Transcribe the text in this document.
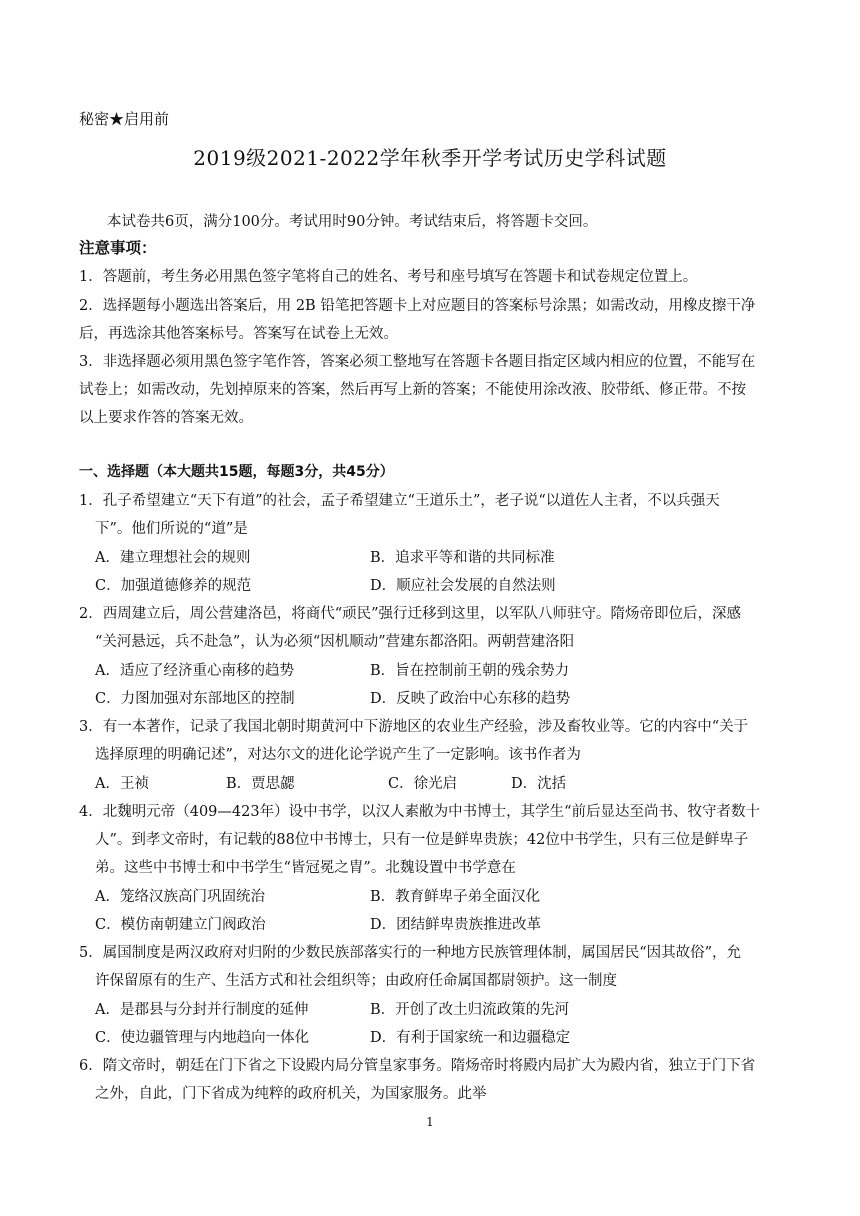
秘密★启用前
2019级2021-2022学年秋季开学考试历史学科试题
本试卷共6页，满分100分。考试用时90分钟。考试结束后，将答题卡交回。
注意事项：
1．答题前，考生务必用黑色签字笔将自己的姓名、考号和座号填写在答题卡和试卷规定位置上。
2．选择题每小题选出答案后，用 2B 铅笔把答题卡上对应题目的答案标号涂黑；如需改动，用橡皮擦干净
后，再选涂其他答案标号。答案写在试卷上无效。
3．非选择题必须用黑色签字笔作答，答案必须工整地写在答题卡各题目指定区域内相应的位置，不能写在
试卷上；如需改动，先划掉原来的答案，然后再写上新的答案；不能使用涂改液、胶带纸、修正带。不按
以上要求作答的答案无效。
一、选择题（本大题共15题，每题3分，共45分）
1．孔子希望建立“天下有道”的社会，孟子希望建立“王道乐土”，老子说“以道佐人主者，不以兵强天
下”。他们所说的“道”是
A．建立理想社会的规则	B．追求平等和谐的共同标准
C．加强道德修养的规范	D．顺应社会发展的自然法则
2．西周建立后，周公营建洛邑，将商代“顽民”强行迁移到这里，以军队八师驻守。隋炀帝即位后，深感
“关河悬远，兵不赴急”，认为必须“因机顺动”营建东都洛阳。两朝营建洛阳
A．适应了经济重心南移的趋势	B．旨在控制前王朝的残余势力
C．力图加强对东部地区的控制	D．反映了政治中心东移的趋势
3．有一本著作，记录了我国北朝时期黄河中下游地区的农业生产经验，涉及畜牧业等。它的内容中“关于
选择原理的明确记述”，对达尔文的进化论学说产生了一定影响。该书作者为
A．王祯	B．贾思勰	C．徐光启	D．沈括
4．北魏明元帝（409—423年）设中书学，以汉人素敝为中书博士，其学生“前后显达至尚书、牧守者数十
人”。到孝文帝时，有记载的88位中书博士，只有一位是鲜卑贵族；42位中书学生，只有三位是鲜卑子
弟。这些中书博士和中书学生“皆冠冕之胄”。北魏设置中书学意在
A．笼络汉族高门巩固统治	B．教育鲜卑子弟全面汉化
C．模仿南朝建立门阀政治	D．团结鲜卑贵族推进改革
5．属国制度是两汉政府对归附的少数民族部落实行的一种地方民族管理体制，属国居民“因其故俗”，允
许保留原有的生产、生活方式和社会组织等；由政府任命属国都尉领护。这一制度
A．是郡县与分封并行制度的延伸	B．开创了改土归流政策的先河
C．使边疆管理与内地趋向一体化	D．有利于国家统一和边疆稳定
6．隋文帝时，朝廷在门下省之下设殿内局分管皇家事务。隋炀帝时将殿内局扩大为殿内省，独立于门下省
之外，自此，门下省成为纯粹的政府机关，为国家服务。此举
1
